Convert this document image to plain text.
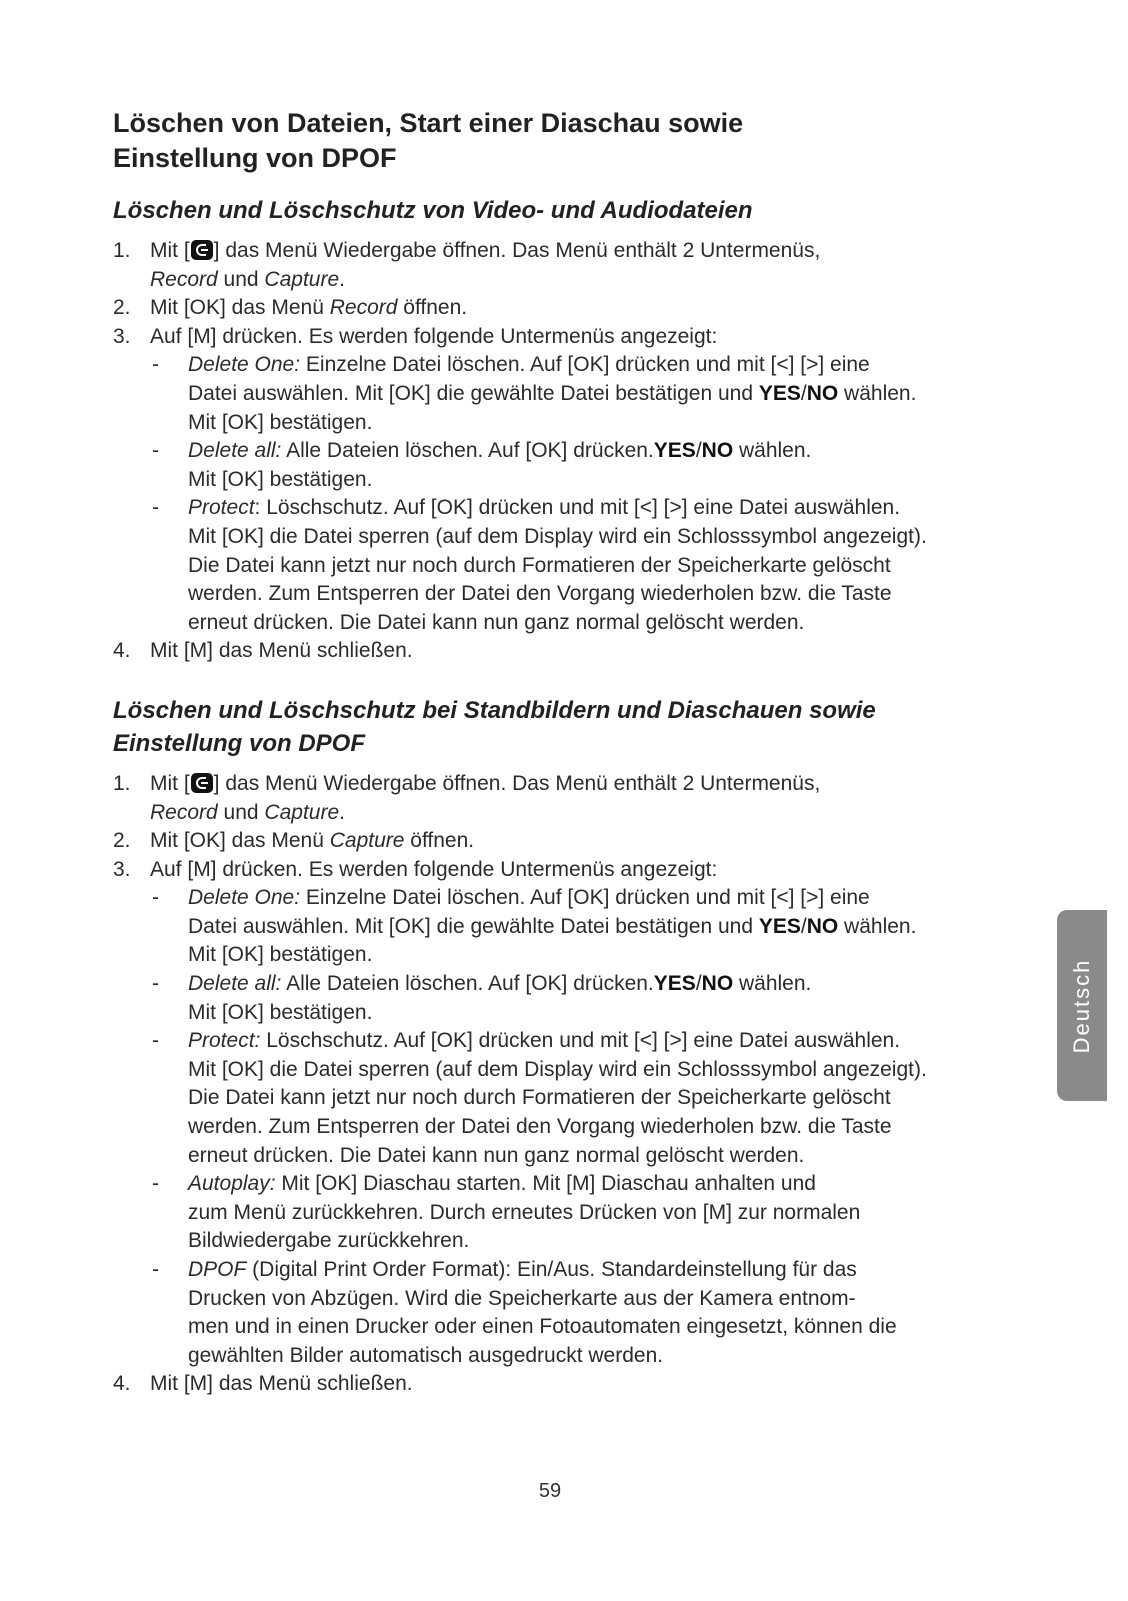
Löschen von Dateien, Start einer Diaschau sowie
Einstellung von DPOF
Löschen und Löschschutz von Video- und Audiodateien
1. Mit [ ] das Menü Wiedergabe öffnen. Das Menü enthält 2 Untermenüs,
Record und Capture.
2. Mit [OK] das Menü Record öffnen.
3. Auf [M] drücken. Es werden folgende Untermenüs angezeigt:
- Delete One: Einzelne Datei löschen. Auf [OK] drücken und mit [<] [>] eine
Datei auswählen. Mit [OK] die gewählte Datei bestätigen und YES/NO wählen.
Mit [OK] bestätigen.
- Delete all: Alle Dateien löschen. Auf [OK] drücken.YES/NO wählen.
Mit [OK] bestätigen.
- Protect: Löschschutz. Auf [OK] drücken und mit [<] [>] eine Datei auswählen.
Mit [OK] die Datei sperren (auf dem Display wird ein Schlosssymbol angezeigt).
Die Datei kann jetzt nur noch durch Formatieren der Speicherkarte gelöscht
werden. Zum Entsperren der Datei den Vorgang wiederholen bzw. die Taste
erneut drücken. Die Datei kann nun ganz normal gelöscht werden.
4. Mit [M] das Menü schließen.
Löschen und Löschschutz bei Standbildern und Diaschauen sowie
Einstellung von DPOF
1. Mit [ ] das Menü Wiedergabe öffnen. Das Menü enthält 2 Untermenüs,
Record und Capture.
2. Mit [OK] das Menü Capture öffnen.
3. Auf [M] drücken. Es werden folgende Untermenüs angezeigt:
- Delete One: Einzelne Datei löschen. Auf [OK] drücken und mit [<] [>] eine
Datei auswählen. Mit [OK] die gewählte Datei bestätigen und YES/NO wählen.
Mit [OK] bestätigen.
- Delete all: Alle Dateien löschen. Auf [OK] drücken.YES/NO wählen.
Mit [OK] bestätigen.
- Protect: Löschschutz. Auf [OK] drücken und mit [<] [>] eine Datei auswählen.
Mit [OK] die Datei sperren (auf dem Display wird ein Schlosssymbol angezeigt).
Die Datei kann jetzt nur noch durch Formatieren der Speicherkarte gelöscht
werden. Zum Entsperren der Datei den Vorgang wiederholen bzw. die Taste
erneut drücken. Die Datei kann nun ganz normal gelöscht werden.
- Autoplay: Mit [OK] Diaschau starten. Mit [M] Diaschau anhalten und
zum Menü zurückkehren. Durch erneutes Drücken von [M] zur normalen
Bildwiedergabe zurückkehren.
- DPOF (Digital Print Order Format): Ein/Aus. Standardeinstellung für das
Drucken von Abzügen. Wird die Speicherkarte aus der Kamera entnom-
men und in einen Drucker oder einen Fotoautomaten eingesetzt, können die
gewählten Bilder automatisch ausgedruckt werden.
4. Mit [M] das Menü schließen.
Deutsch
59
